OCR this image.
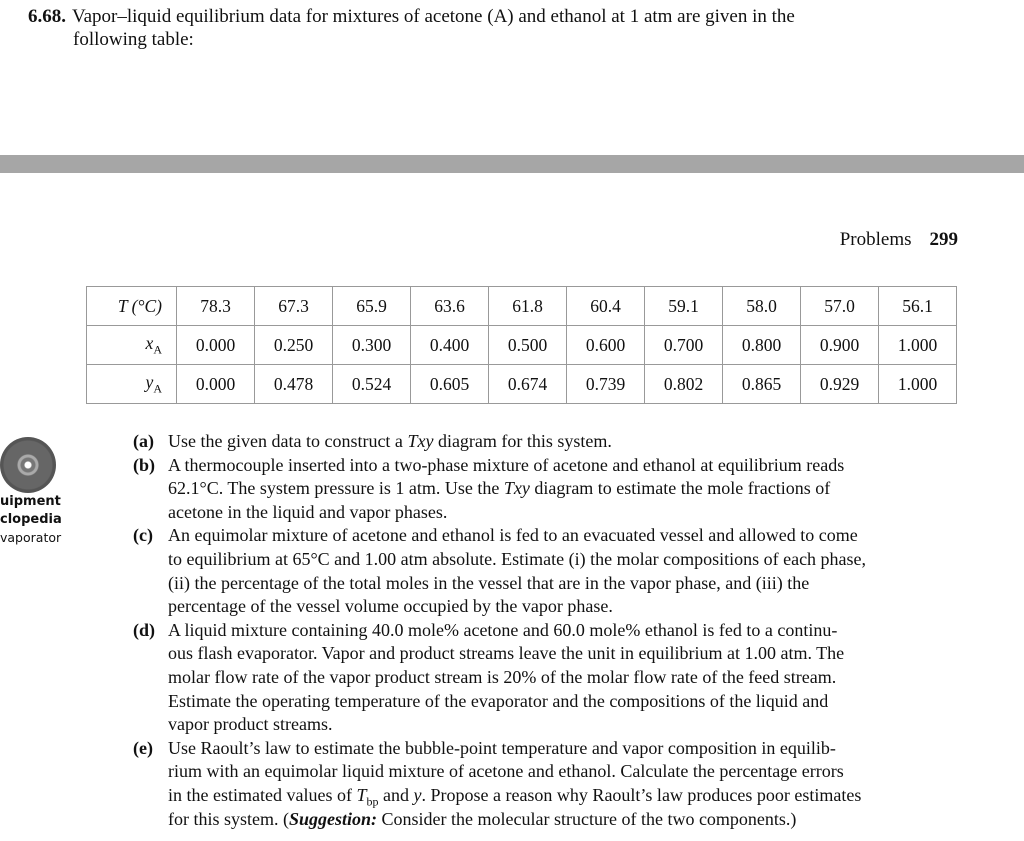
6.68. Vapor–liquid equilibrium data for mixtures of acetone (A) and ethanol at 1 atm are given in the
following table:
Problems 299
T (°C)	78.3	67.3	65.9	63.6	61.8	60.4	59.1	58.0	57.0	56.1
$x_A$	0.000	0.250	0.300	0.400	0.500	0.600	0.700	0.800	0.900	1.000
$y_A$	0.000	0.478	0.524	0.605	0.674	0.739	0.802	0.865	0.929	1.000
uipment
clopedia
vaporator
(a) Use the given data to construct a Txy diagram for this system.
(b) A thermocouple inserted into a two-phase mixture of acetone and ethanol at equilibrium reads
62.1°C. The system pressure is 1 atm. Use the Txy diagram to estimate the mole fractions of
acetone in the liquid and vapor phases.
(c) An equimolar mixture of acetone and ethanol is fed to an evacuated vessel and allowed to come
to equilibrium at 65°C and 1.00 atm absolute. Estimate (i) the molar compositions of each phase,
(ii) the percentage of the total moles in the vessel that are in the vapor phase, and (iii) the
percentage of the vessel volume occupied by the vapor phase.
(d) A liquid mixture containing 40.0 mole% acetone and 60.0 mole% ethanol is fed to a continu-
ous flash evaporator. Vapor and product streams leave the unit in equilibrium at 1.00 atm. The
molar flow rate of the vapor product stream is 20% of the molar flow rate of the feed stream.
Estimate the operating temperature of the evaporator and the compositions of the liquid and
vapor product streams.
(e) Use Raoult’s law to estimate the bubble-point temperature and vapor composition in equilib-
rium with an equimolar liquid mixture of acetone and ethanol. Calculate the percentage errors
in the estimated values of $T_{bp}$ and y. Propose a reason why Raoult’s law produces poor estimates
for this system. (Suggestion: Consider the molecular structure of the two components.)
